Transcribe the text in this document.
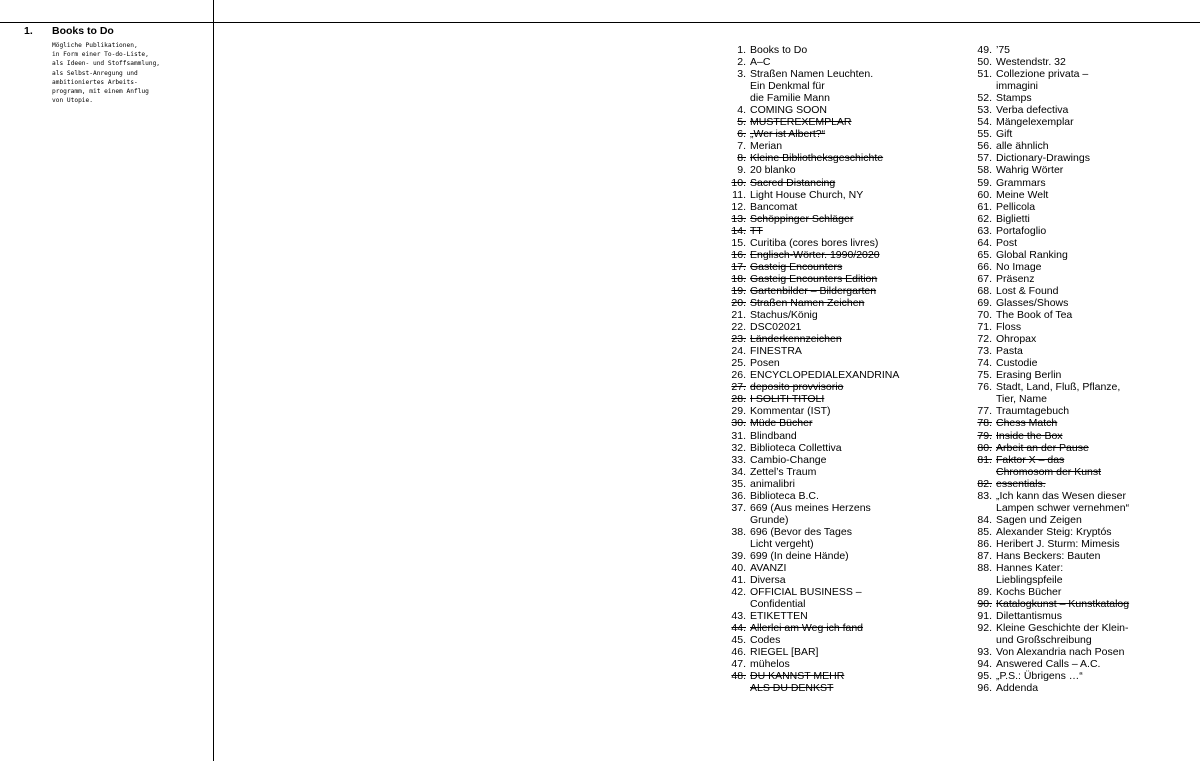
1. Books to Do
Mögliche Publikationen,
in Form einer To-do-Liste,
als Ideen- und Stoffsammlung,
als Selbst-Anregung und
ambitioniertes Arbeits-
programm, mit einem Anflug
von Utopie.
1. Books to Do
2. A–C
3. Straßen Namen Leuchten.
Ein Denkmal für
die Familie Mann
4. COMING SOON
5. MUSTEREXEMPLAR
6. „Wer ist Albert?“
7. Merian
8. Kleine Bibliotheksgeschichte
9. 20 blanko
10. Sacred Distancing
11. Light House Church, NY
12. Bancomat
13. Schöppinger Schläger
14. TT
15. Curitiba (cores bores livres)
16. Englisch-Wörter. 1990/2020
17. Gasteig Encounters
18. Gasteig Encounters Edition
19. Gartenbilder – Bildergarten
20. Straßen Namen Zeichen
21. Stachus/König
22. DSC02021
23. Länderkennzeichen
24. FINESTRA
25. Posen
26. ENCYCLOPEDIALEXANDRINA
27. deposito provvisorio
28. I SOLITI TITOLI
29. Kommentar (IST)
30. Müde Bücher
31. Blindband
32. Biblioteca Collettiva
33. Cambio-Change
34. Zettel’s Traum
35. animalibri
36. Biblioteca B.C.
37. 669 (Aus meines Herzens
Grunde)
38. 696 (Bevor des Tages
Licht vergeht)
39. 699 (In deine Hände)
40. AVANZI
41. Diversa
42. OFFICIAL BUSINESS –
Confidential
43. ETIKETTEN
44. Allerlei am Weg ich fand
45. Codes
46. RIEGEL [BAR]
47. mühelos
48. DU KANNST MEHR
ALS DU DENKST
49. ’75
50. Westendstr. 32
51. Collezione privata –
immagini
52. Stamps
53. Verba defectiva
54. Mängelexemplar
55. Gift
56. alle ähnlich
57. Dictionary-Drawings
58. Wahrig Wörter
59. Grammars
60. Meine Welt
61. Pellicola
62. Biglietti
63. Portafoglio
64. Post
65. Global Ranking
66. No Image
67. Präsenz
68. Lost & Found
69. Glasses/Shows
70. The Book of Tea
71. Floss
72. Ohropax
73. Pasta
74. Custodie
75. Erasing Berlin
76. Stadt, Land, Fluß, Pflanze,
Tier, Name
77. Traumtagebuch
78. Chess Match
79. Inside the Box
80. Arbeit an der Pause
81. Faktor X – das
Chromosom der Kunst
82. essentials.
83. „Ich kann das Wesen dieser
Lampen schwer vernehmen“
84. Sagen und Zeigen
85. Alexander Steig: Kryptós
86. Heribert J. Sturm: Mimesis
87. Hans Beckers: Bauten
88. Hannes Kater:
Lieblingspfeile
89. Kochs Bücher
90. Katalogkunst – Kunstkatalog
91. Dilettantismus
92. Kleine Geschichte der Klein-
und Großschreibung
93. Von Alexandria nach Posen
94. Answered Calls – A.C.
95. „P.S.: Übrigens …“
96. Addenda
